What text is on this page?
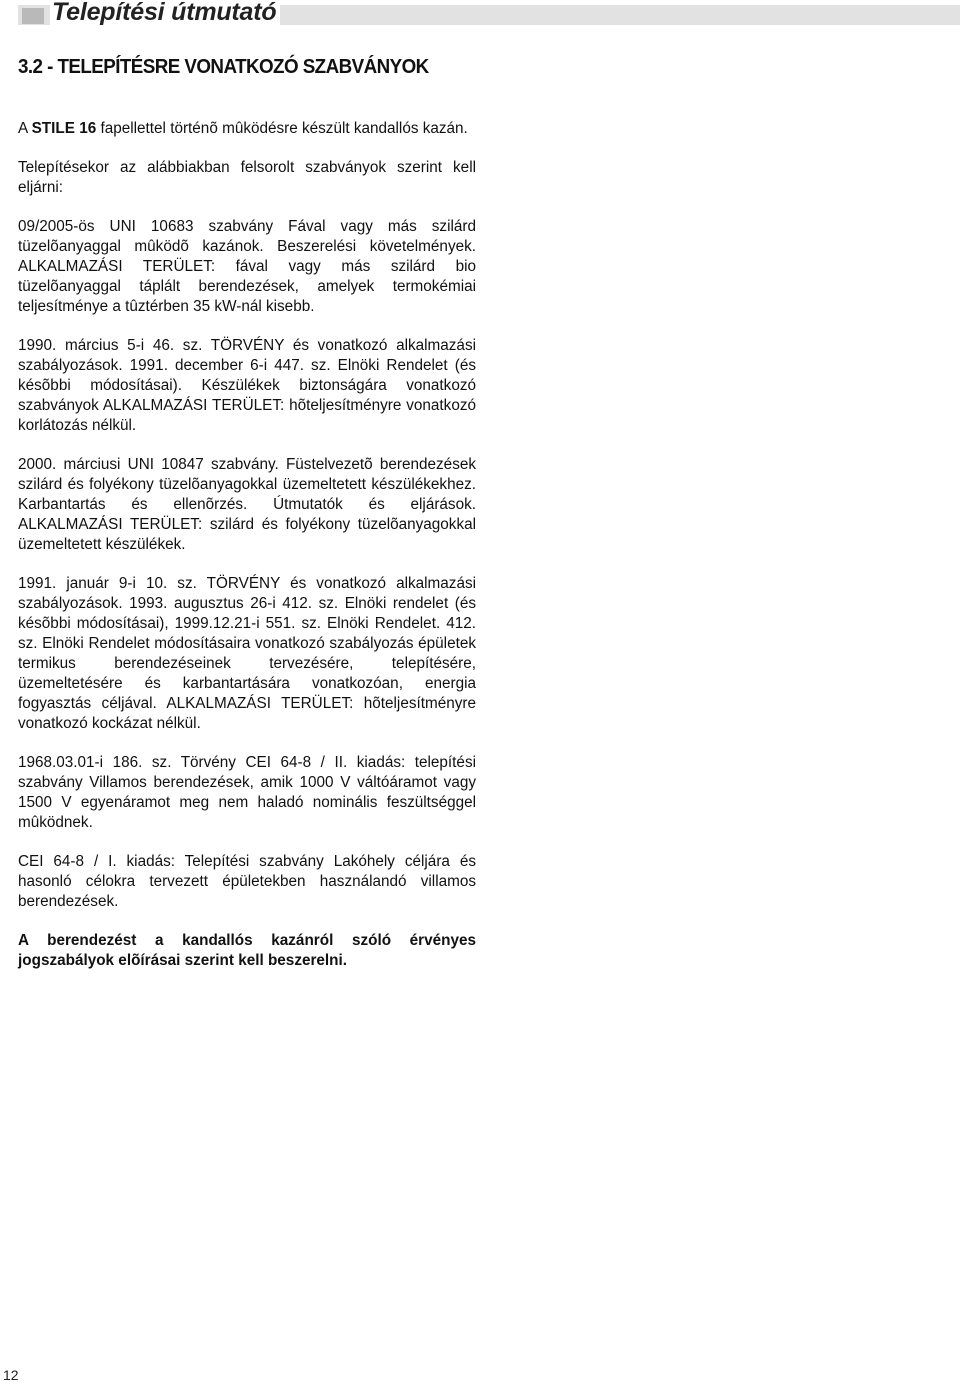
Telepítési útmutató
3.2 - TELEPÍTÉSRE VONATKOZÓ SZABVÁNYOK

A STILE 16 fapellettel történõ mûködésre készült kandallós kazán.

Telepítésekor az alábbiakban felsorolt szabványok szerint kell eljárni:

09/2005-ös UNI 10683 szabvány Fával vagy más szilárd tüzelõanyaggal mûködõ kazánok. Beszerelési követelmények. ALKALMAZÁSI TERÜLET: fával vagy más szilárd bio tüzelõanyaggal táplált berendezések, amelyek termokémiai teljesítménye a tûztérben 35 kW-nál kisebb.

1990. március 5-i 46. sz. TÖRVÉNY és vonatkozó alkalmazási szabályozások. 1991. december 6-i 447. sz. Elnöki Rendelet (és késõbbi módosításai). Készülékek biztonságára vonatkozó szabványok ALKALMAZÁSI TERÜLET: hõteljesítményre vonatkozó korlátozás nélkül.

2000. márciusi UNI 10847 szabvány. Füstelvezetõ berendezések szilárd és folyékony tüzelõanyagokkal üzemeltetett készülékekhez. Karbantartás és ellenõrzés. Útmutatók és eljárások. ALKALMAZÁSI TERÜLET: szilárd és folyékony tüzelõanyagokkal üzemeltetett készülékek.

1991. január 9-i 10. sz. TÖRVÉNY és vonatkozó alkalmazási szabályozások. 1993. augusztus 26-i 412. sz. Elnöki rendelet (és késõbbi módosításai), 1999.12.21-i 551. sz. Elnöki Rendelet. 412. sz. Elnöki Rendelet módosításaira vonatkozó szabályozás épületek termikus berendezéseinek tervezésére, telepítésére, üzemeltetésére és karbantartására vonatkozóan, energia fogyasztás céljával. ALKALMAZÁSI TERÜLET: hõteljesítményre vonatkozó kockázat nélkül.

1968.03.01-i 186. sz. Törvény CEI 64-8 / II. kiadás: telepítési szabvány Villamos berendezések, amik 1000 V váltóáramot vagy 1500 V egyenáramot meg nem haladó nominális feszültséggel mûködnek.

CEI 64-8 / I. kiadás: Telepítési szabvány Lakóhely céljára és hasonló célokra tervezett épületekben használandó villamos berendezések.

A berendezést a kandallós kazánról szóló érvényes jogszabályok elõírásai szerint kell beszerelni.

12
